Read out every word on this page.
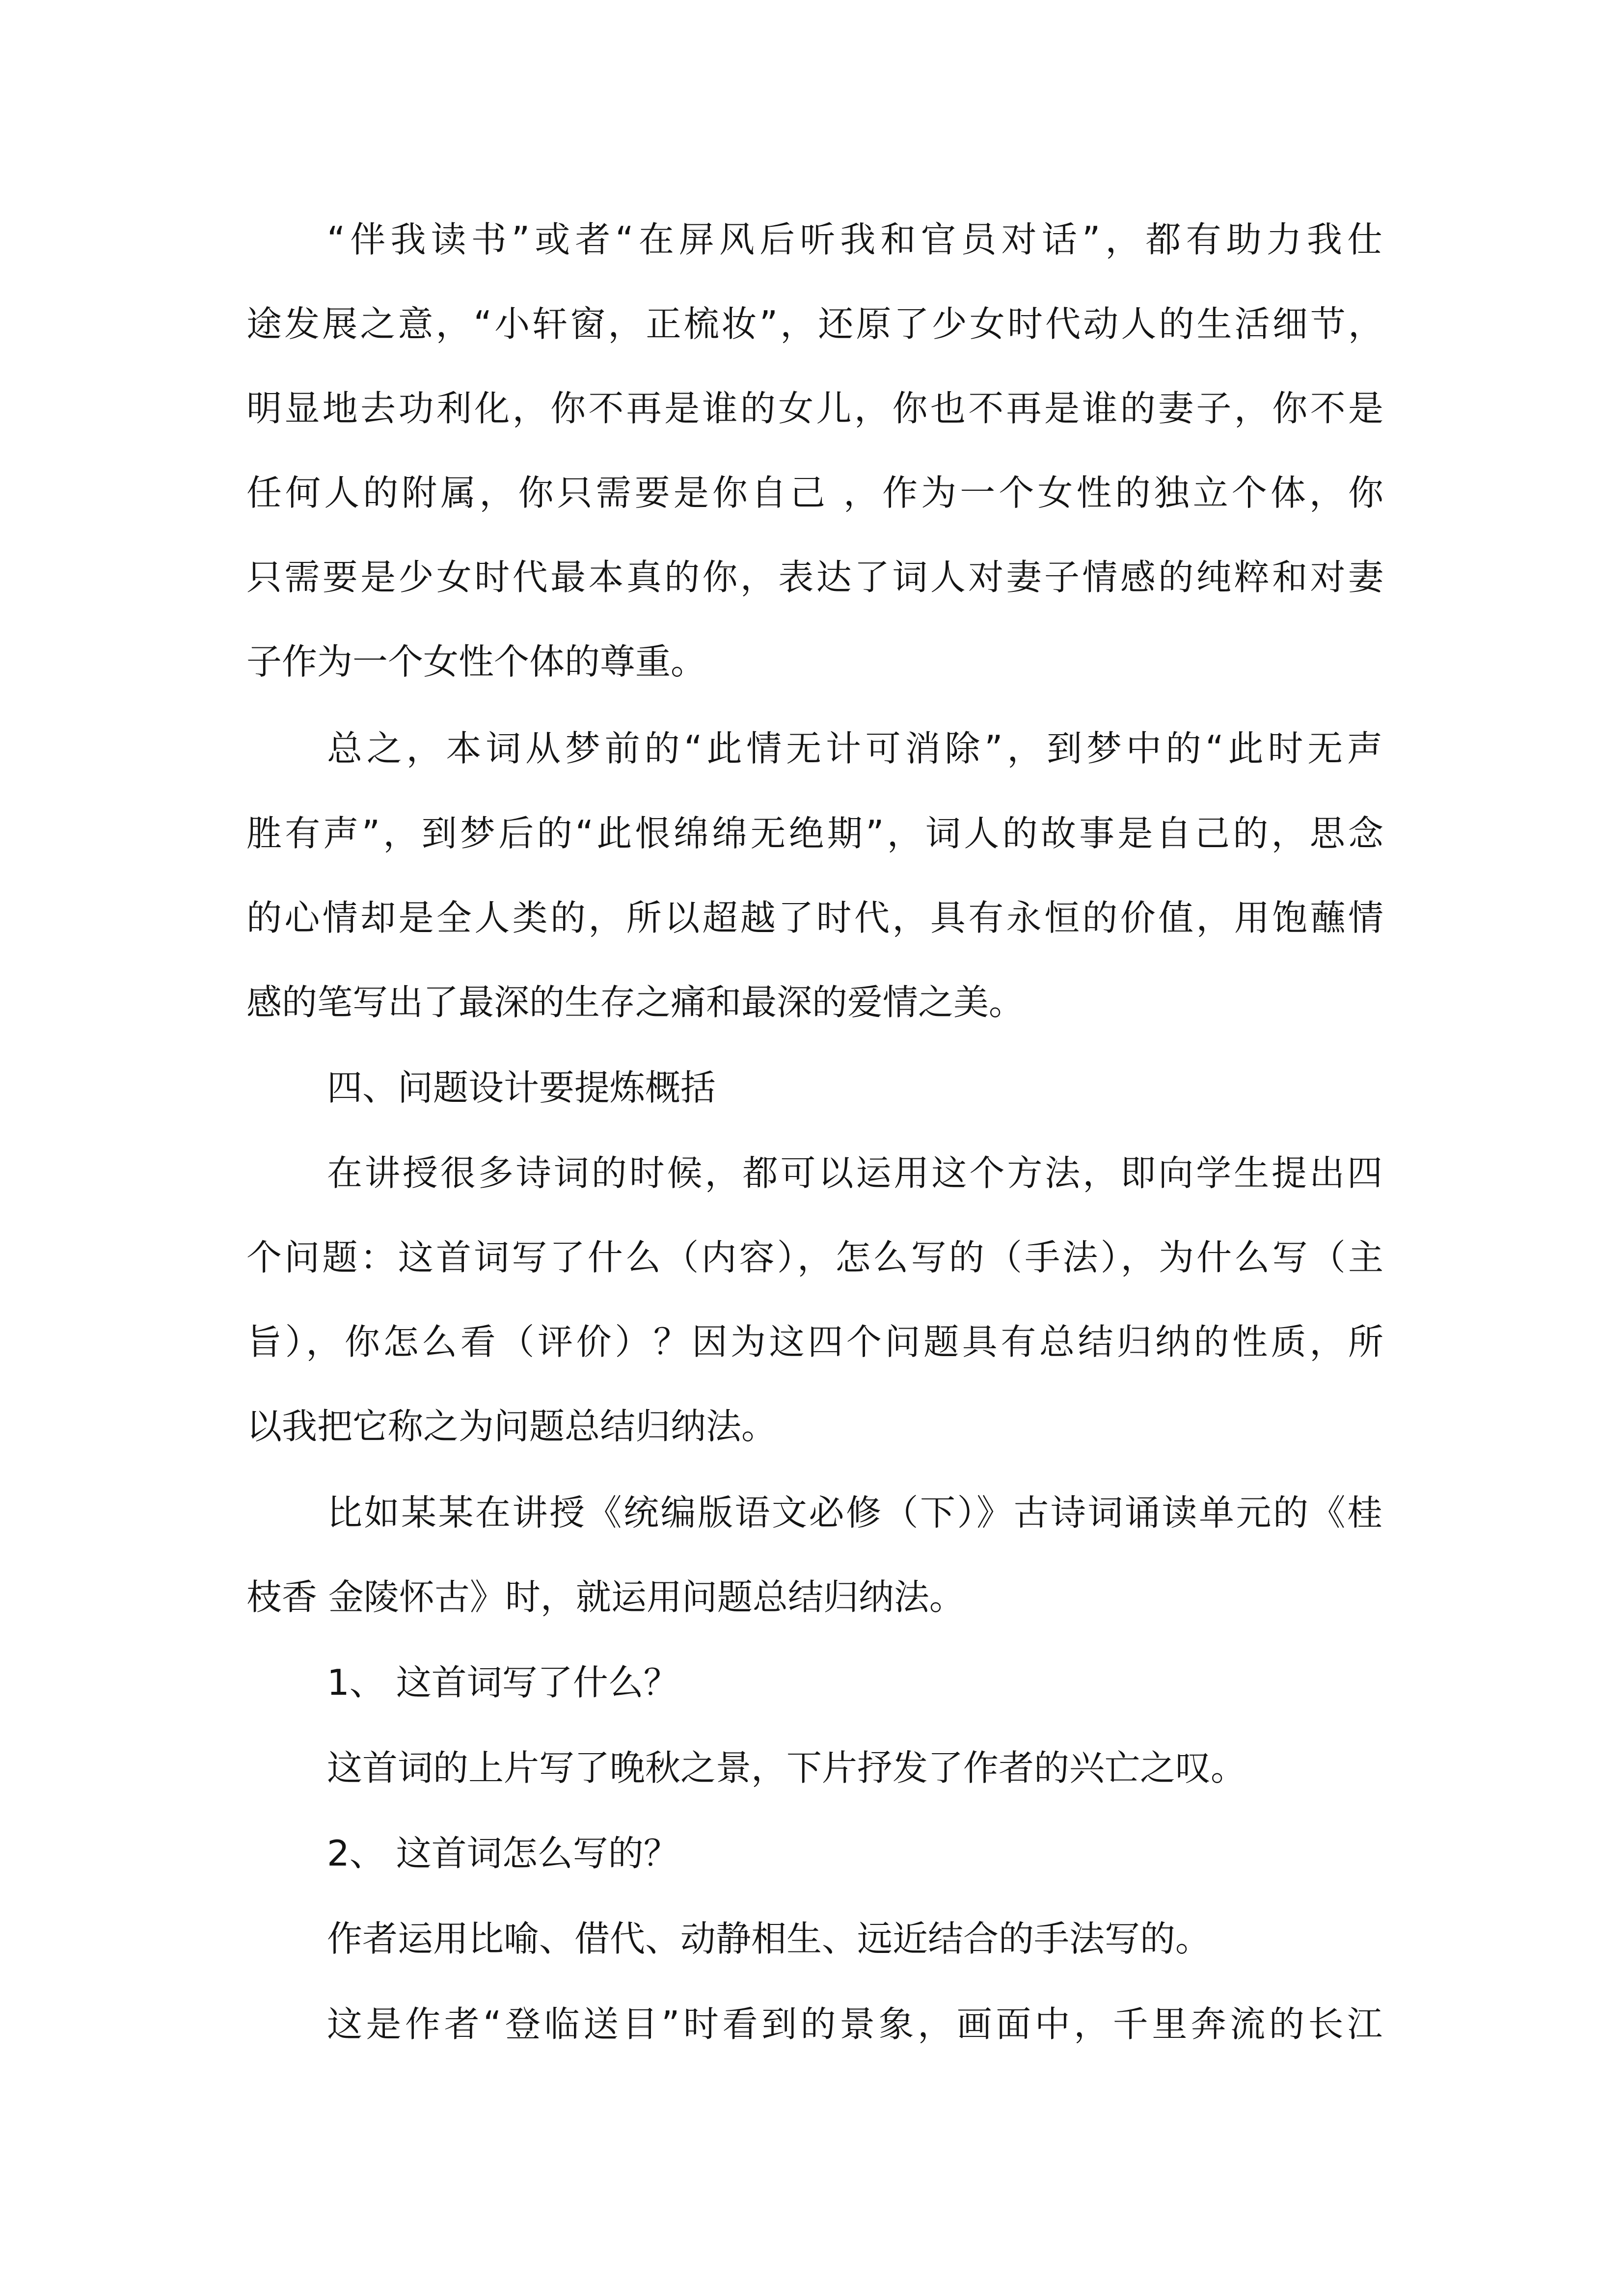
“伴我读书”或者“在屏风后听我和官员对话”，都有助力我仕
途发展之意，“小轩窗，正梳妆”，还原了少女时代动人的生活细节，
明显地去功利化，你不再是谁的女儿，你也不再是谁的妻子，你不是
任何人的附属，你只需要是你自己 ，作为一个女性的独立个体，你
只需要是少女时代最本真的你，表达了词人对妻子情感的纯粹和对妻
子作为一个女性个体的尊重。
总之，本词从梦前的“此情无计可消除”，到梦中的“此时无声
胜有声”，到梦后的“此恨绵绵无绝期”，词人的故事是自己的，思念
的心情却是全人类的，所以超越了时代，具有永恒的价值，用饱蘸情
感的笔写出了最深的生存之痛和最深的爱情之美。
四、问题设计要提炼概括
在讲授很多诗词的时候，都可以运用这个方法，即向学生提出四
个问题：这首词写了什么（内容），怎么写的（手法），为什么写（主
旨），你怎么看（评价）？因为这四个问题具有总结归纳的性质，所
以我把它称之为问题总结归纳法。
比如某某在讲授《统编版语文必修（下）》古诗词诵读单元的《桂
枝香 金陵怀古》时，就运用问题总结归纳法。
1、 这首词写了什么？
这首词的上片写了晚秋之景，下片抒发了作者的兴亡之叹。
2、 这首词怎么写的？
作者运用比喻、借代、动静相生、远近结合的手法写的。
这是作者“登临送目”时看到的景象，画面中，千里奔流的长江
